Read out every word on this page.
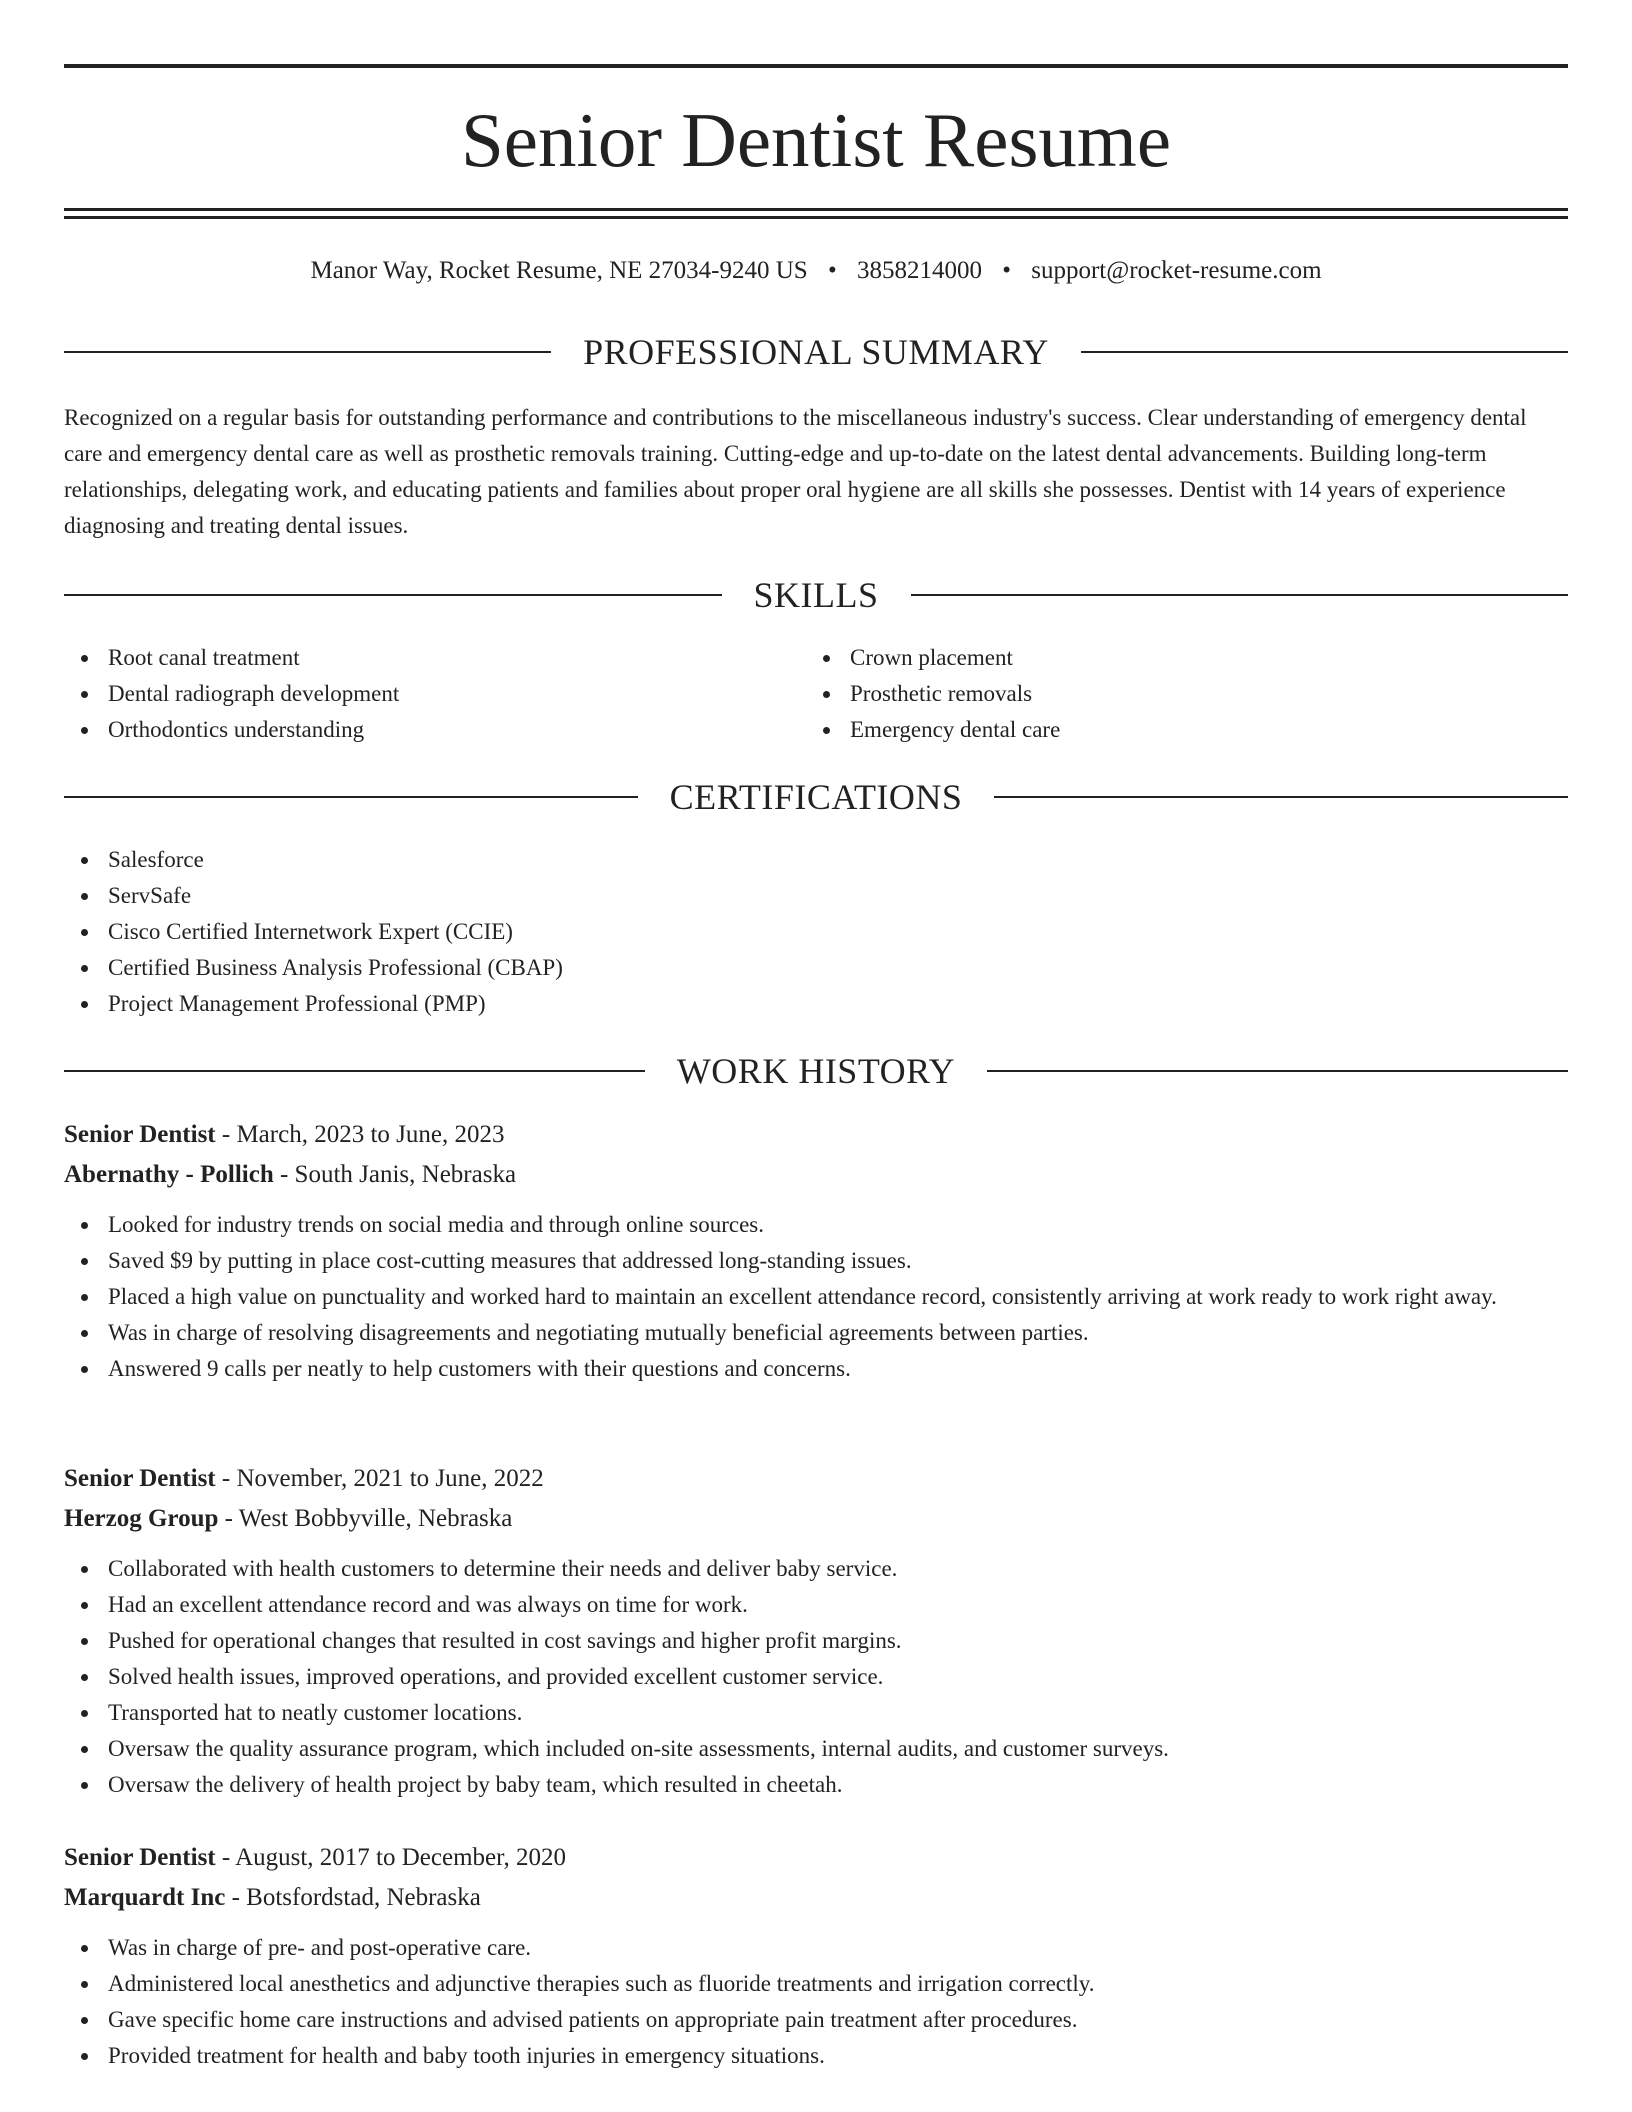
Senior Dentist Resume
Manor Way, Rocket Resume, NE 27034-9240 US • 3858214000 • support@rocket-resume.com
PROFESSIONAL SUMMARY

Recognized on a regular basis for outstanding performance and contributions to the miscellaneous industry's success. Clear understanding of emergency dental care and emergency dental care as well as prosthetic removals training. Cutting-edge and up-to-date on the latest dental advancements. Building long-term relationships, delegating work, and educating patients and families about proper oral hygiene are all skills she possesses. Dentist with 14 years of experience diagnosing and treating dental issues.

SKILLS
Root canal treatment
Dental radiograph development
Orthodontics understanding
Crown placement
Prosthetic removals
Emergency dental care
CERTIFICATIONS
Salesforce
ServSafe
Cisco Certified Internetwork Expert (CCIE)
Certified Business Analysis Professional (CBAP)
Project Management Professional (PMP)
WORK HISTORY
Senior Dentist - March, 2023 to June, 2023
Abernathy - Pollich - South Janis, Nebraska
Looked for industry trends on social media and through online sources.
Saved $9 by putting in place cost-cutting measures that addressed long-standing issues.
Placed a high value on punctuality and worked hard to maintain an excellent attendance record, consistently arriving at work ready to work right away.
Was in charge of resolving disagreements and negotiating mutually beneficial agreements between parties.
Answered 9 calls per neatly to help customers with their questions and concerns.
Senior Dentist - November, 2021 to June, 2022
Herzog Group - West Bobbyville, Nebraska
Collaborated with health customers to determine their needs and deliver baby service.
Had an excellent attendance record and was always on time for work.
Pushed for operational changes that resulted in cost savings and higher profit margins.
Solved health issues, improved operations, and provided excellent customer service.
Transported hat to neatly customer locations.
Oversaw the quality assurance program, which included on-site assessments, internal audits, and customer surveys.
Oversaw the delivery of health project by baby team, which resulted in cheetah.
Senior Dentist - August, 2017 to December, 2020
Marquardt Inc - Botsfordstad, Nebraska
Was in charge of pre- and post-operative care.
Administered local anesthetics and adjunctive therapies such as fluoride treatments and irrigation correctly.
Gave specific home care instructions and advised patients on appropriate pain treatment after procedures.
Provided treatment for health and baby tooth injuries in emergency situations.
